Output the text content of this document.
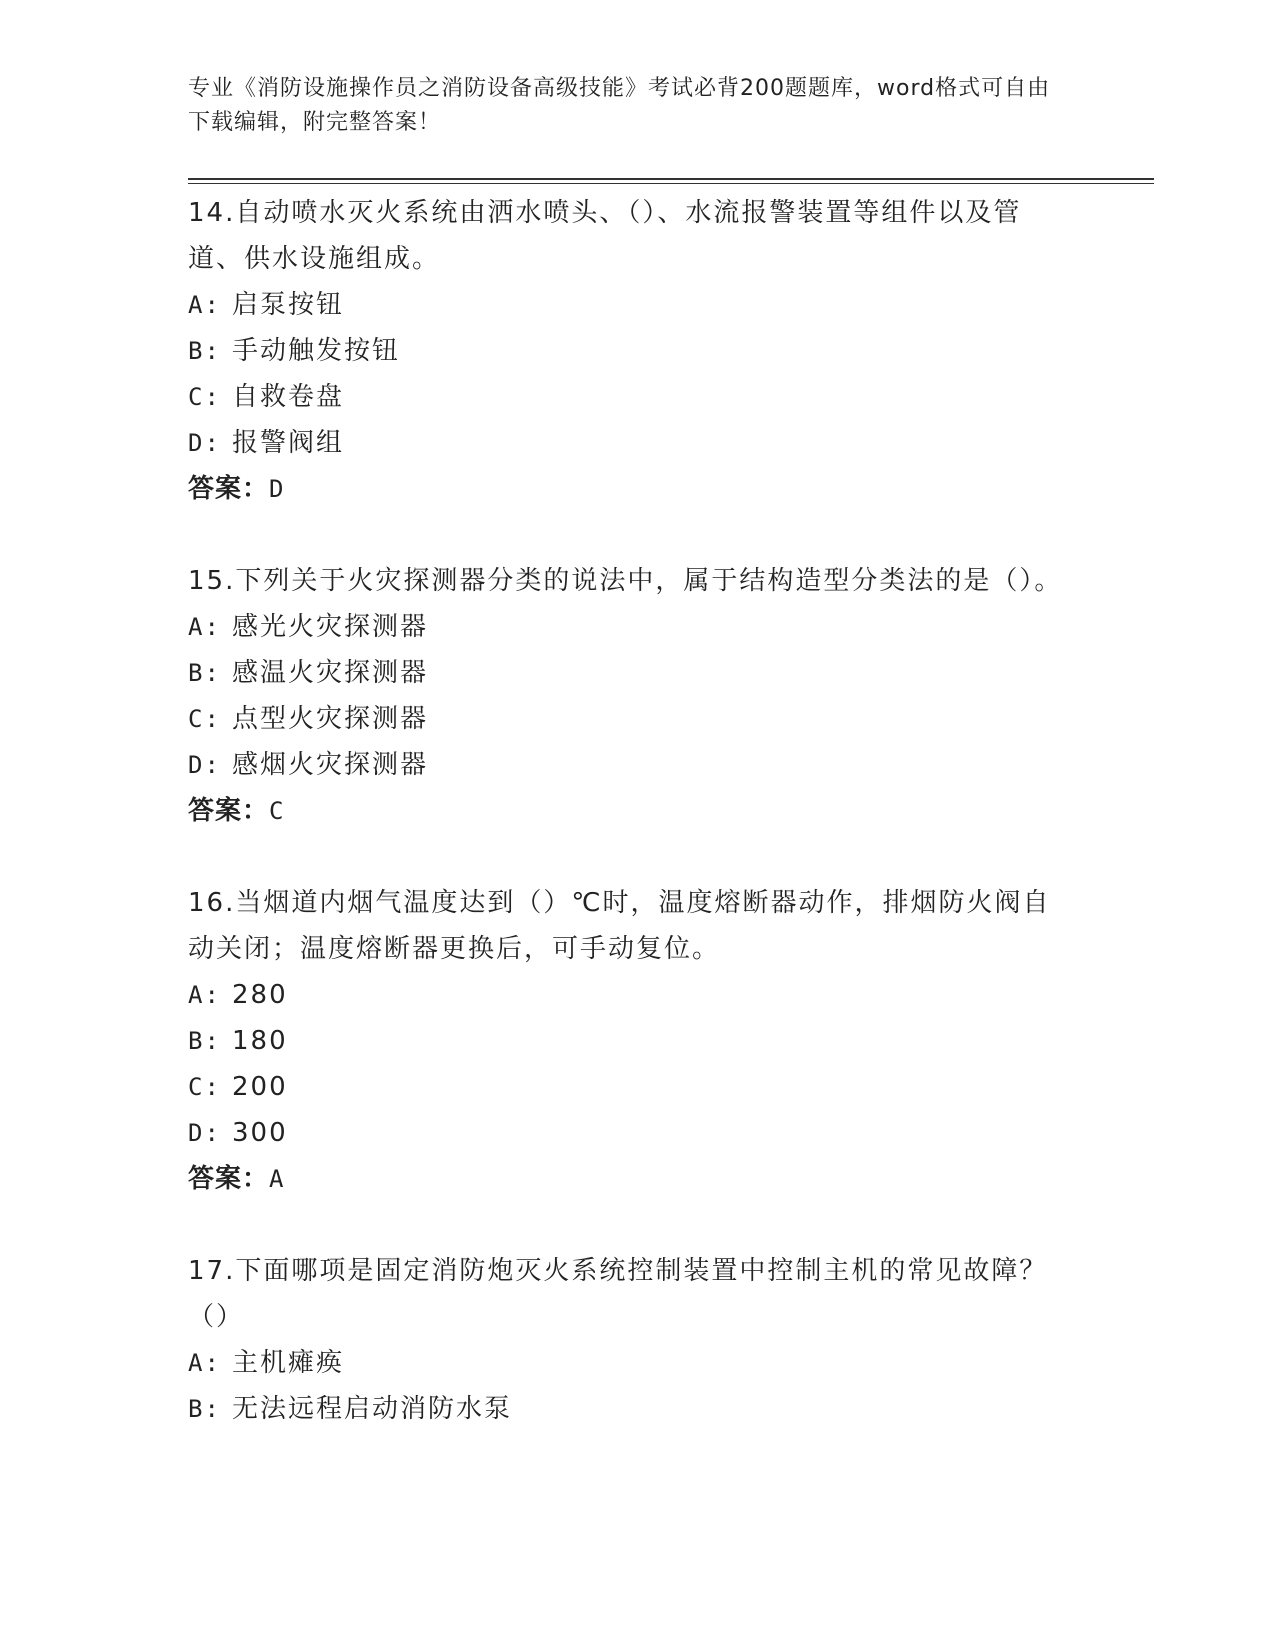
专业《消防设施操作员之消防设备高级技能》考试必背200题题库，word格式可自由下载编辑，附完整答案！

14.自动喷水灭火系统由洒水喷头、（）、水流报警装置等组件以及管道、供水设施组成。

A: 启泵按钮

B: 手动触发按钮

C: 自救卷盘

D: 报警阀组

答案：D

15.下列关于火灾探测器分类的说法中，属于结构造型分类法的是（）。

A: 感光火灾探测器

B: 感温火灾探测器

C: 点型火灾探测器

D: 感烟火灾探测器

答案：C

16.当烟道内烟气温度达到（）℃时，温度熔断器动作，排烟防火阀自动关闭；温度熔断器更换后，可手动复位。

A: 280

B: 180

C: 200

D: 300

答案：A

17.下面哪项是固定消防炮灭火系统控制装置中控制主机的常见故障？（）

A: 主机瘫痪

B: 无法远程启动消防水泵
